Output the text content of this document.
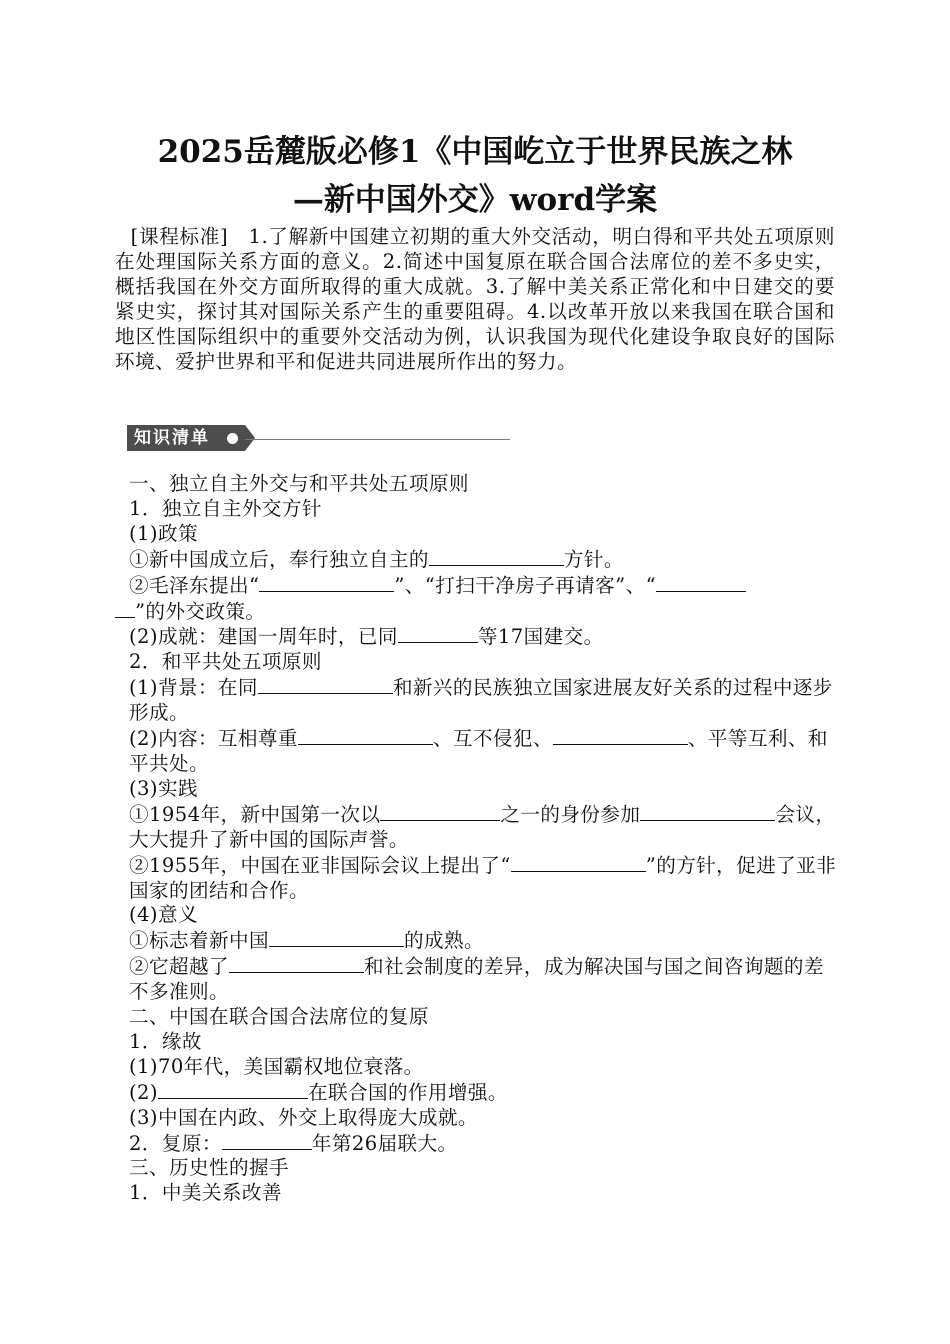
2025岳麓版必修1《中国屹立于世界民族之林
—新中国外交》word学案
[课程标准]　1.了解新中国建立初期的重大外交活动，明白得和平共处五项原则在处理国际关系方面的意义。2.简述中国复原在联合国合法席位的差不多史实，概括我国在外交方面所取得的重大成就。3.了解中美关系正常化和中日建交的要紧史实，探讨其对国际关系产生的重要阻碍。4.以改革开放以来我国在联合国和地区性国际组织中的重要外交活动为例，认识我国为现代化建设争取良好的国际环境、爱护世界和平和促进共同进展所作出的努力。
知识清单

一、独立自主外交与和平共处五项原则

1．独立自主外交方针

(1)政策

①新中国成立后，奉行独立自主的	方针。

②毛泽东提出“	”、“打扫干净房子再请客”、“
”的外交政策。

(2)成就：建国一周年时，已同	等17国建交。

2．和平共处五项原则

(1)背景：在同	和新兴的民族独立国家进展友好关系的过程中逐步形成。

(2)内容：互相尊重	、互不侵犯、	、平等互利、和平共处。

(3)实践

①1954年，新中国第一次以	之一的身份参加	会议，大大提升了新中国的国际声誉。

②1955年，中国在亚非国际会议上提出了“	”的方针，促进了亚非国家的团结和合作。

(4)意义

①标志着新中国	的成熟。

②它超越了	和社会制度的差异，成为解决国与国之间咨询题的差不多准则。

二、中国在联合国合法席位的复原

1．缘故

(1)70年代，美国霸权地位衰落。

(2)	在联合国的作用增强。

(3)中国在内政、外交上取得庞大成就。

2．复原：	年第26届联大。

三、历史性的握手

1．中美关系改善
